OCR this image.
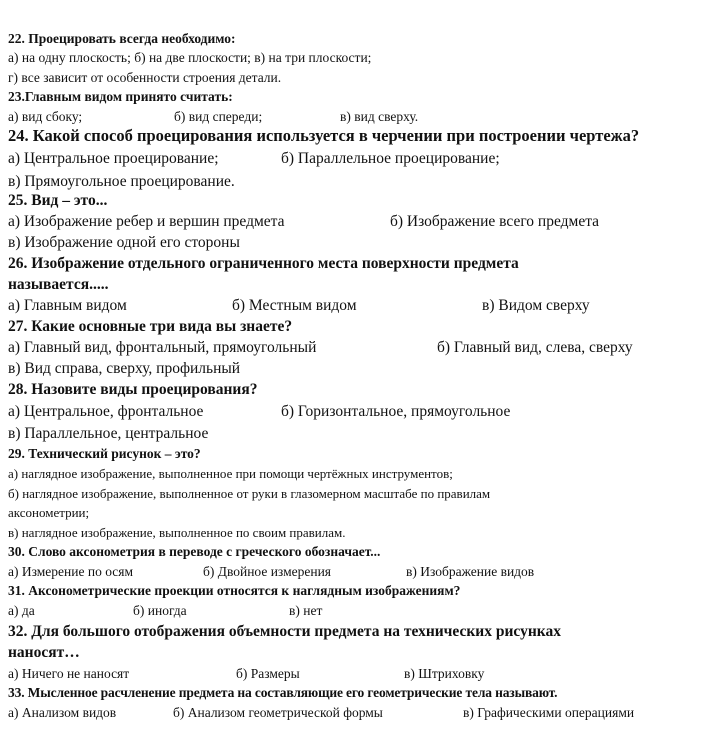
22. Проецировать всегда необходимо:
а) на одну плоскость; б) на две плоскости; в) на три плоскости;
г) все зависит от особенности строения детали.
23.Главным видом принято считать:
а) вид сбоку;	б) вид спереди;	в) вид сверху.
24. Какой способ проецирования используется в черчении при построении чертежа?
а) Центральное проецирование;	б) Параллельное проецирование;
в) Прямоугольное проецирование.
25. Вид – это...
а) Изображение ребер и вершин предмета	б) Изображение всего предмета
в) Изображение одной его стороны
26. Изображение отдельного ограниченного места поверхности предмета
называется.....
а) Главным видом	б) Местным видом	в) Видом сверху
27. Какие основные три вида вы знаете?
а) Главный вид, фронтальный, прямоугольный	б) Главный вид, слева, сверху
в) Вид справа, сверху, профильный
28. Назовите виды проецирования?
а) Центральное, фронтальное	б) Горизонтальное, прямоугольное
в) Параллельное, центральное
29. Технический рисунок – это?
а) наглядное изображение, выполненное при помощи чертёжных инструментов;
б) наглядное изображение, выполненное от руки в глазомерном масштабе по правилам
аксонометрии;
в) наглядное изображение, выполненное по своим правилам.
30. Слово аксонометрия в переводе с греческого обозначает...
а) Измерение по осям	б) Двойное измерения	в) Изображение видов
31. Аксонометрические проекции относятся к наглядным изображениям?
а) да	б) иногда	в) нет
32. Для большого отображения объемности предмета на технических рисунках
наносят…
а) Ничего не наносят	б) Размеры	в) Штриховку
33. Мысленное расчленение предмета на составляющие его геометрические тела называют.
а) Анализом видов	б) Анализом геометрической формы	в) Графическими операциями
